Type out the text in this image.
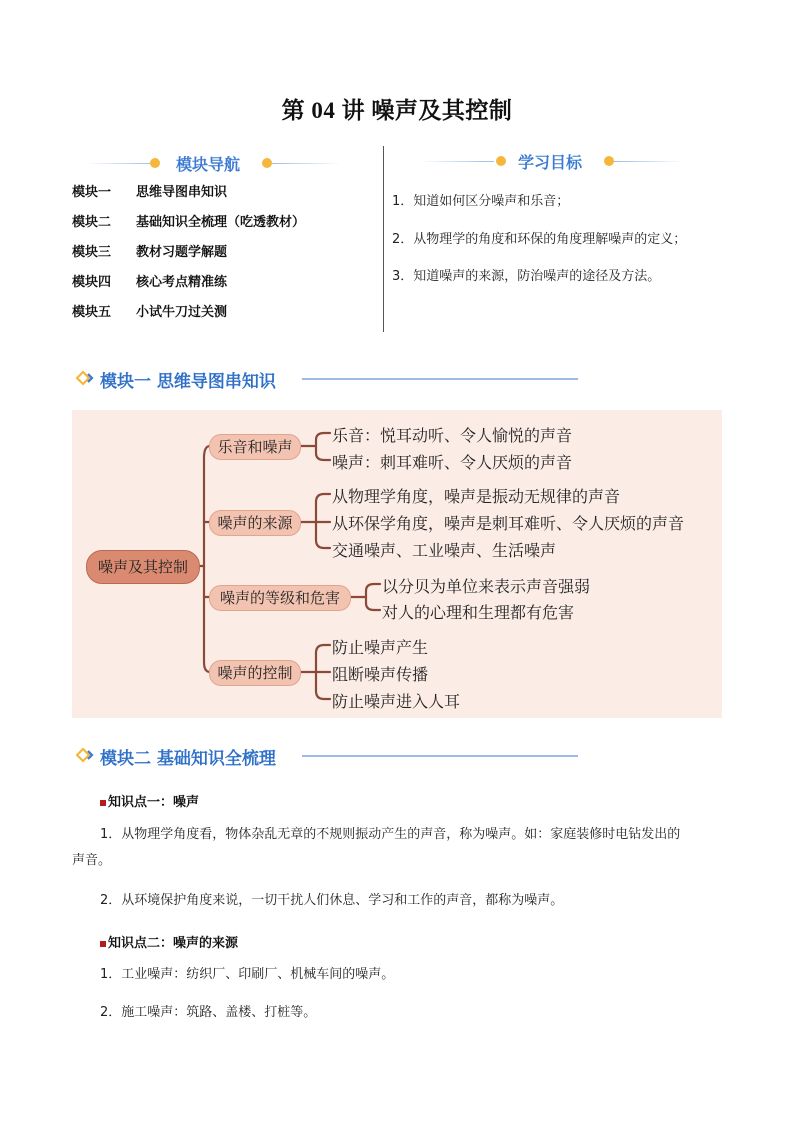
第 04 讲 噪声及其控制
模块导航
模块一 思维导图串知识
模块二 基础知识全梳理（吃透教材）
模块三 教材习题学解题
模块四 核心考点精准练
模块五 小试牛刀过关测
学习目标
1．知道如何区分噪声和乐音；
2．从物理学的角度和环保的角度理解噪声的定义；
3．知道噪声的来源，防治噪声的途径及方法。
模块一 思维导图串知识
噪声及其控制
乐音和噪声
噪声的来源
噪声的等级和危害
噪声的控制
乐音：悦耳动听、令人愉悦的声音
噪声：刺耳难听、令人厌烦的声音
从物理学角度，噪声是振动无规律的声音
从环保学角度，噪声是刺耳难听、令人厌烦的声音
交通噪声、工业噪声、生活噪声
以分贝为单位来表示声音强弱
对人的心理和生理都有危害
防止噪声产生
阻断噪声传播
防止噪声进入人耳
模块二 基础知识全梳理
知识点一：噪声
1．从物理学角度看，物体杂乱无章的不规则振动产生的声音，称为噪声。如：家庭装修时电钻发出的
声音。
2．从环境保护角度来说，一切干扰人们休息、学习和工作的声音，都称为噪声。
知识点二：噪声的来源
1．工业噪声：纺织厂、印刷厂、机械车间的噪声。
2．施工噪声：筑路、盖楼、打桩等。
